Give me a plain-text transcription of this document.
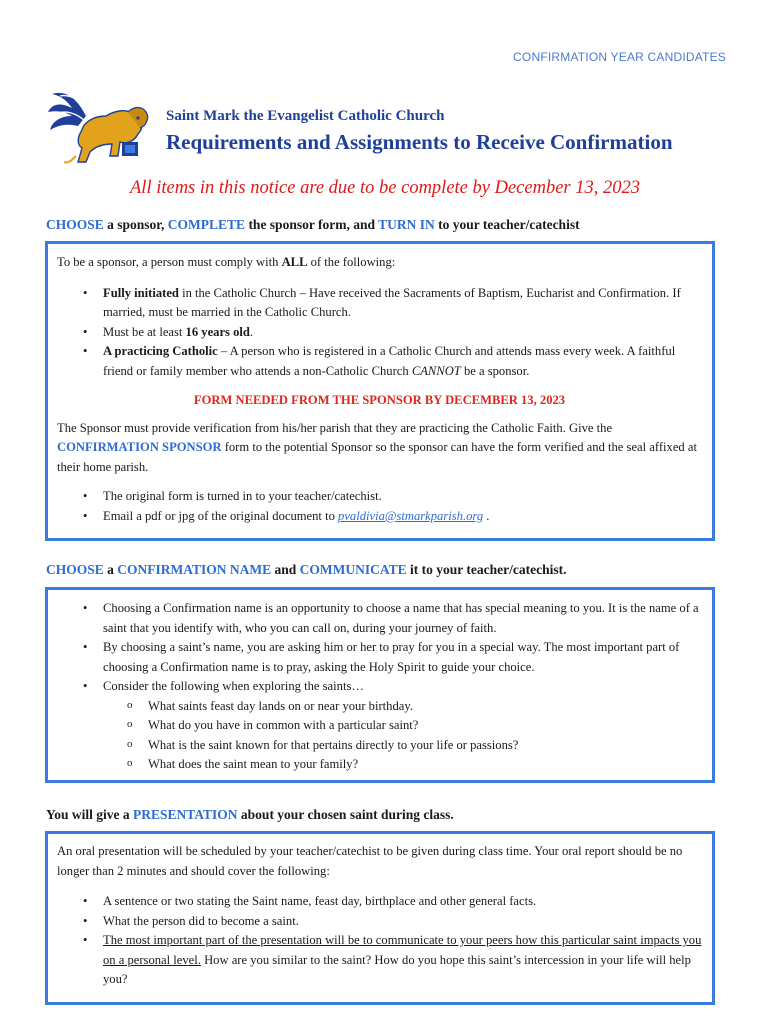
CONFIRMATION YEAR CANDIDATES
Saint Mark the Evangelist Catholic Church
Requirements and Assignments to Receive Confirmation
All items in this notice are due to be complete by December 13, 2023
CHOOSE a sponsor, COMPLETE the sponsor form, and TURN IN to your teacher/catechist

To be a sponsor, a person must comply with ALL of the following:

• Fully initiated in the Catholic Church – Have received the Sacraments of Baptism, Eucharist and Confirmation. If married, must be married in the Catholic Church.
• Must be at least 16 years old.
• A practicing Catholic – A person who is registered in a Catholic Church and attends mass every week. A faithful friend or family member who attends a non-Catholic Church CANNOT be a sponsor.

FORM NEEDED FROM THE SPONSOR BY DECEMBER 13, 2023

The Sponsor must provide verification from his/her parish that they are practicing the Catholic Faith. Give the CONFIRMATION SPONSOR form to the potential Sponsor so the sponsor can have the form verified and the seal affixed at their home parish.

• The original form is turned in to your teacher/catechist.
• Email a pdf or jpg of the original document to pvaldivia@stmarkparish.org .
CHOOSE a CONFIRMATION NAME and COMMUNICATE it to your teacher/catechist.
• Choosing a Confirmation name is an opportunity to choose a name that has special meaning to you. It is the name of a saint that you identify with, who you can call on, during your journey of faith.
• By choosing a saint’s name, you are asking him or her to pray for you in a special way. The most important part of choosing a Confirmation name is to pray, asking the Holy Spirit to guide your choice.
• Consider the following when exploring the saints…
o What saints feast day lands on or near your birthday.
o What do you have in common with a particular saint?
o What is the saint known for that pertains directly to your life or passions?
o What does the saint mean to your family?
You will give a PRESENTATION about your chosen saint during class.

An oral presentation will be scheduled by your teacher/catechist to be given during class time. Your oral report should be no longer than 2 minutes and should cover the following:

• A sentence or two stating the Saint name, feast day, birthplace and other general facts.
• What the person did to become a saint.
• The most important part of the presentation will be to communicate to your peers how this particular saint impacts you on a personal level. How are you similar to the saint? How do you hope this saint’s intercession in your life will help you?
